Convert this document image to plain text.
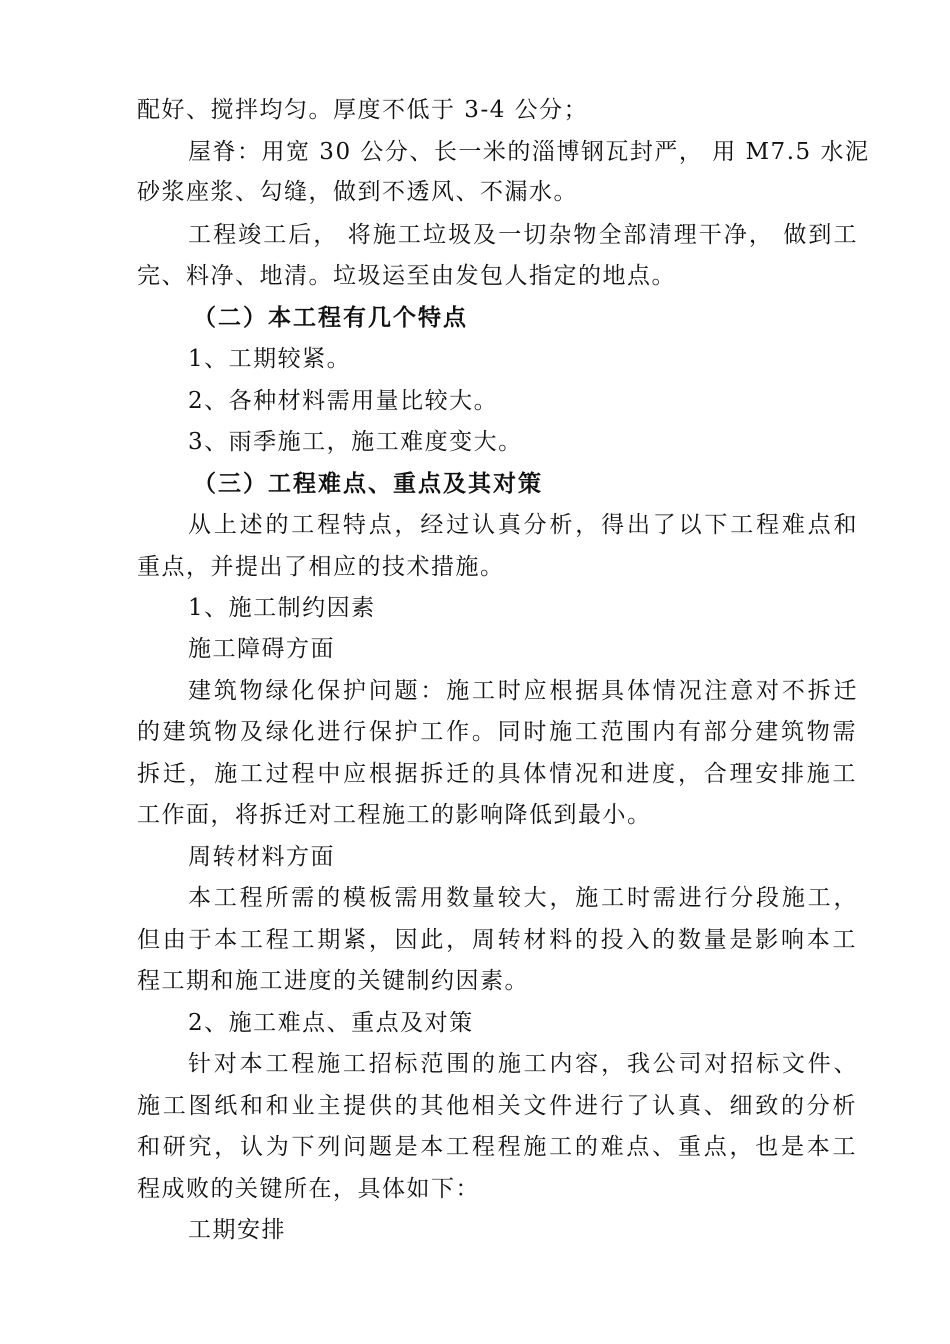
配好、搅拌均匀。厚度不低于 3-4 公分；
屋脊：用宽 30 公分、长一米的淄博钢瓦封严， 用 M7.5 水泥
砂浆座浆、勾缝，做到不透风、不漏水。
工程竣工后， 将施工垃圾及一切杂物全部清理干净， 做到工
完、料净、地清。垃圾运至由发包人指定的地点。
（二）本工程有几个特点
1、工期较紧。
2、各种材料需用量比较大。
3、雨季施工，施工难度变大。
（三）工程难点、重点及其对策
从上述的工程特点，经过认真分析，得出了以下工程难点和
重点，并提出了相应的技术措施。
1、施工制约因素
施工障碍方面
建筑物绿化保护问题：施工时应根据具体情况注意对不拆迁
的建筑物及绿化进行保护工作。同时施工范围内有部分建筑物需
拆迁，施工过程中应根据拆迁的具体情况和进度，合理安排施工
工作面，将拆迁对工程施工的影响降低到最小。
周转材料方面
本工程所需的模板需用数量较大，施工时需进行分段施工，
但由于本工程工期紧，因此，周转材料的投入的数量是影响本工
程工期和施工进度的关键制约因素。
2、施工难点、重点及对策
针对本工程施工招标范围的施工内容，我公司对招标文件、
施工图纸和和业主提供的其他相关文件进行了认真、细致的分析
和研究，认为下列问题是本工程程施工的难点、重点，也是本工
程成败的关键所在，具体如下：
工期安排
